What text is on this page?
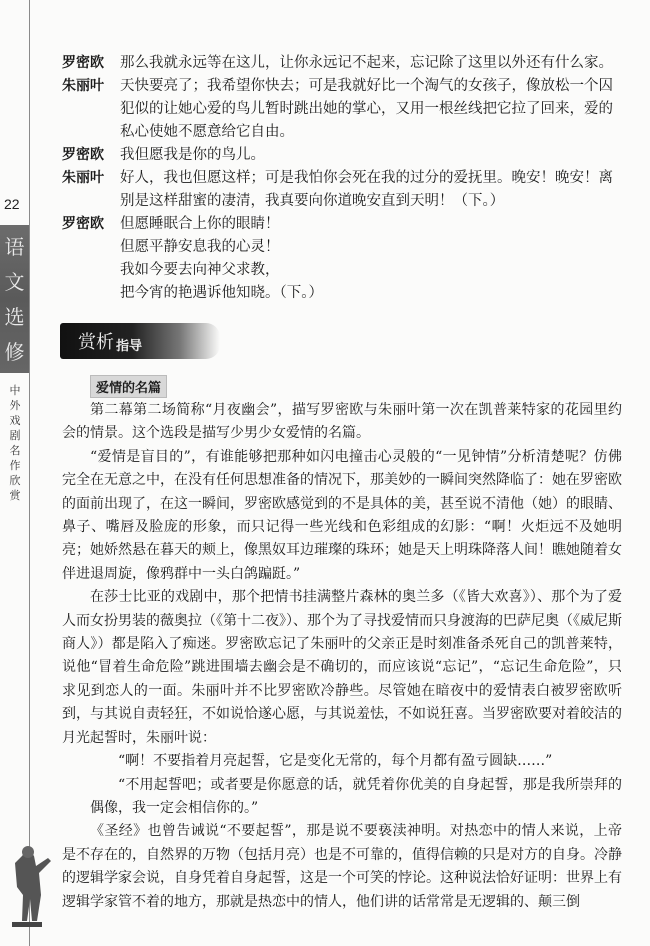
22
语
文
选
修
中外戏剧名作欣赏
罗密欧	那么我就永远等在这儿，让你永远记不起来，忘记除了这里以外还有什么家。
朱丽叶	天快要亮了；我希望你快去；可是我就好比一个淘气的女孩子，像放松一个囚犯似的让她心爱的鸟儿暂时跳出她的掌心，又用一根丝线把它拉了回来，爱的私心使她不愿意给它自由。
罗密欧	我但愿我是你的鸟儿。
朱丽叶	好人，我也但愿这样；可是我怕你会死在我的过分的爱抚里。晚安！晚安！离别是这样甜蜜的凄清，我真要向你道晚安直到天明！（下。）
罗密欧	但愿睡眠合上你的眼睛！
但愿平静安息我的心灵！
我如今要去向神父求教，
把今宵的艳遇诉他知晓。（下。）
赏析 指导
爱情的名篇

第二幕第二场简称“月夜幽会”，描写罗密欧与朱丽叶第一次在凯普莱特家的花园里约会的情景。这个选段是描写少男少女爱情的名篇。

“爱情是盲目的”，有谁能够把那种如闪电撞击心灵般的“一见钟情”分析清楚呢？仿佛完全在无意之中，在没有任何思想准备的情况下，那美妙的一瞬间突然降临了：她在罗密欧的面前出现了，在这一瞬间，罗密欧感觉到的不是具体的美，甚至说不清他（她）的眼睛、鼻子、嘴唇及脸庞的形象，而只记得一些光线和色彩组成的幻影：“啊！火炬远不及她明亮；她娇然悬在暮天的颊上，像黑奴耳边璀璨的珠环；她是天上明珠降落人间！瞧她随着女伴进退周旋，像鸦群中一头白鸽蹁跹。”

在莎士比亚的戏剧中，那个把情书挂满整片森林的奥兰多（《皆大欢喜》）、那个为了爱人而女扮男装的薇奥拉（《第十二夜》）、那个为了寻找爱情而只身渡海的巴萨尼奥（《威尼斯商人》）都是陷入了痴迷。罗密欧忘记了朱丽叶的父亲正是时刻准备杀死自己的凯普莱特，说他“冒着生命危险”跳进围墙去幽会是不确切的，而应该说“忘记”，“忘记生命危险”，只求见到恋人的一面。朱丽叶并不比罗密欧冷静些。尽管她在暗夜中的爱情表白被罗密欧听到，与其说自责轻狂，不如说恰遂心愿，与其说羞怯，不如说狂喜。当罗密欧要对着皎洁的月光起誓时，朱丽叶说：

“啊！不要指着月亮起誓，它是变化无常的，每个月都有盈亏圆缺……”

“不用起誓吧；或者要是你愿意的话，就凭着你优美的自身起誓，那是我所崇拜的偶像，我一定会相信你的。”

《圣经》也曾告诫说“不要起誓”，那是说不要亵渎神明。对热恋中的情人来说，上帝是不存在的，自然界的万物（包括月亮）也是不可靠的，值得信赖的只是对方的自身。冷静的逻辑学家会说，自身凭着自身起誓，这是一个可笑的悖论。这种说法恰好证明：世界上有逻辑学家管不着的地方，那就是热恋中的情人，他们讲的话常常是无逻辑的、颠三倒
